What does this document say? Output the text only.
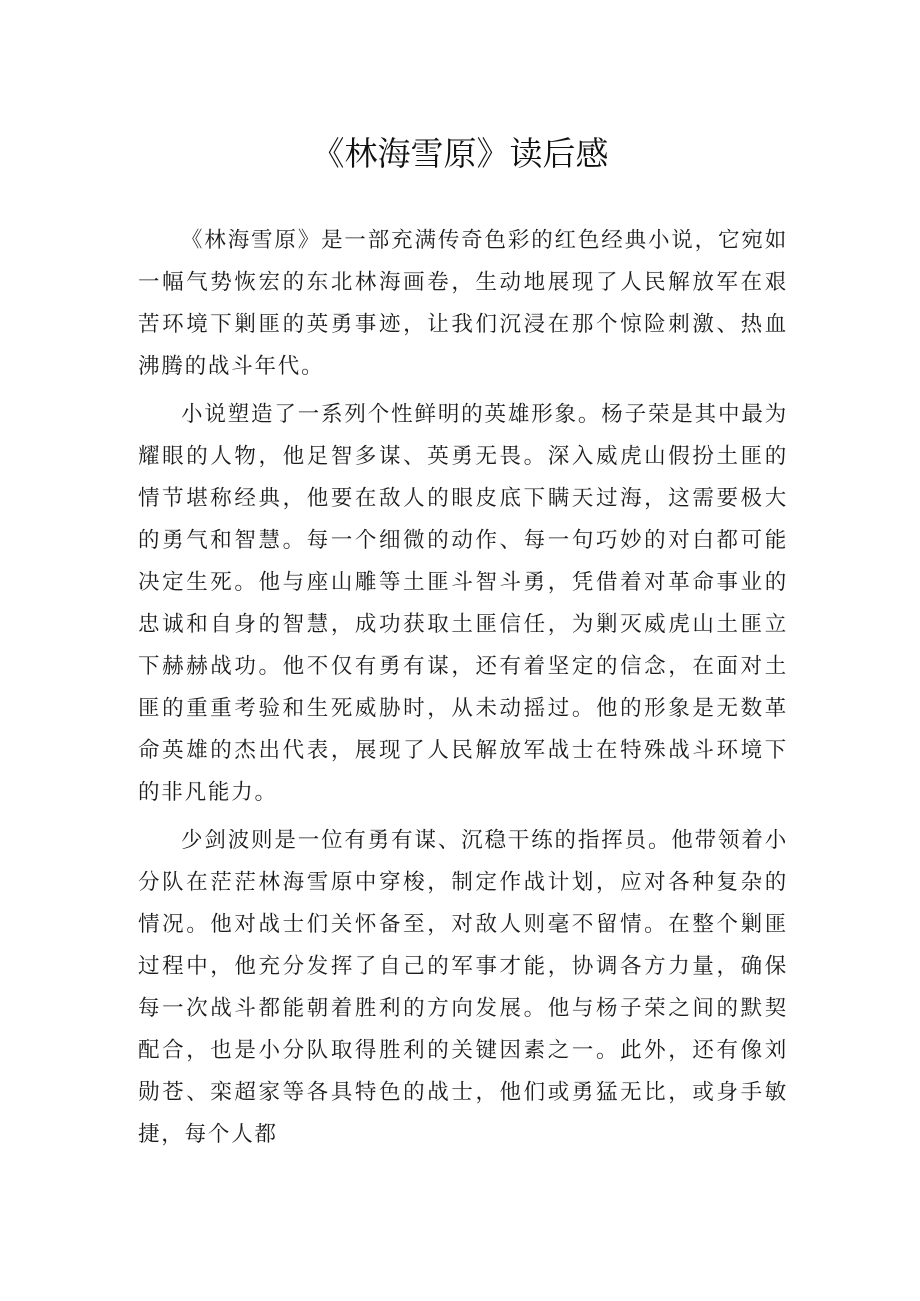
《林海雪原》读后感

《林海雪原》是一部充满传奇色彩的红色经典小说，它宛如一幅气势恢宏的东北林海画卷，生动地展现了人民解放军在艰苦环境下剿匪的英勇事迹，让我们沉浸在那个惊险刺激、热血沸腾的战斗年代。

小说塑造了一系列个性鲜明的英雄形象。杨子荣是其中最为耀眼的人物，他足智多谋、英勇无畏。深入威虎山假扮土匪的情节堪称经典，他要在敌人的眼皮底下瞒天过海，这需要极大的勇气和智慧。每一个细微的动作、每一句巧妙的对白都可能决定生死。他与座山雕等土匪斗智斗勇，凭借着对革命事业的忠诚和自身的智慧，成功获取土匪信任，为剿灭威虎山土匪立下赫赫战功。他不仅有勇有谋，还有着坚定的信念，在面对土匪的重重考验和生死威胁时，从未动摇过。他的形象是无数革命英雄的杰出代表，展现了人民解放军战士在特殊战斗环境下的非凡能力。

少剑波则是一位有勇有谋、沉稳干练的指挥员。他带领着小分队在茫茫林海雪原中穿梭，制定作战计划，应对各种复杂的情况。他对战士们关怀备至，对敌人则毫不留情。在整个剿匪过程中，他充分发挥了自己的军事才能，协调各方力量，确保每一次战斗都能朝着胜利的方向发展。他与杨子荣之间的默契配合，也是小分队取得胜利的关键因素之一。此外，还有像刘勋苍、栾超家等各具特色的战士，他们或勇猛无比，或身手敏捷，每个人都
